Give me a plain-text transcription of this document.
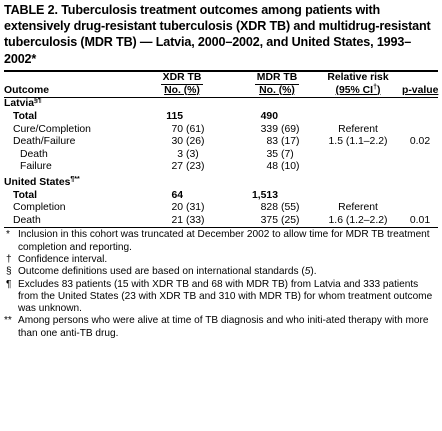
TABLE 2. Tuberculosis treatment outcomes among patients with extensively drug-resistant tuberculosis (XDR TB) and multidrug-resistant tuberculosis (MDR TB) — Latvia, 2000–2002, and United States, 1993–2002*
	XDR TB			MDR TB		Relative risk	
Outcome	No. (%)			No. (%)		(95% CI†)	p-value

Latvia§¶
Total	115			490			
Cure/Completion	70	(61)		339	(69)	Referent	
Death/Failure	30	(26)		83	(17)	1.5 (1.1–2.2)	0.02
Death	3	(3)		35	(7)		
Failure	27	(23)		48	(10)		
United States¶**
Total	64			1,513			
Completion	20	(31)		828	(55)	Referent	
Death	21	(33)		375	(25)	1.6 (1.2–2.2)	0.01
* Inclusion in this cohort was truncated at December 2002 to allow time for MDR TB treatment completion and reporting.
† Confidence interval.
§ Outcome definitions used are based on international standards (5).
¶ Excludes 83 patients (15 with XDR TB and 68 with MDR TB) from Latvia and 333 patients from the United States (23 with XDR TB and 310 with MDR TB) for whom treatment outcome was unknown.
** Among persons who were alive at time of TB diagnosis and who initi-ated therapy with more than one anti-TB drug.
